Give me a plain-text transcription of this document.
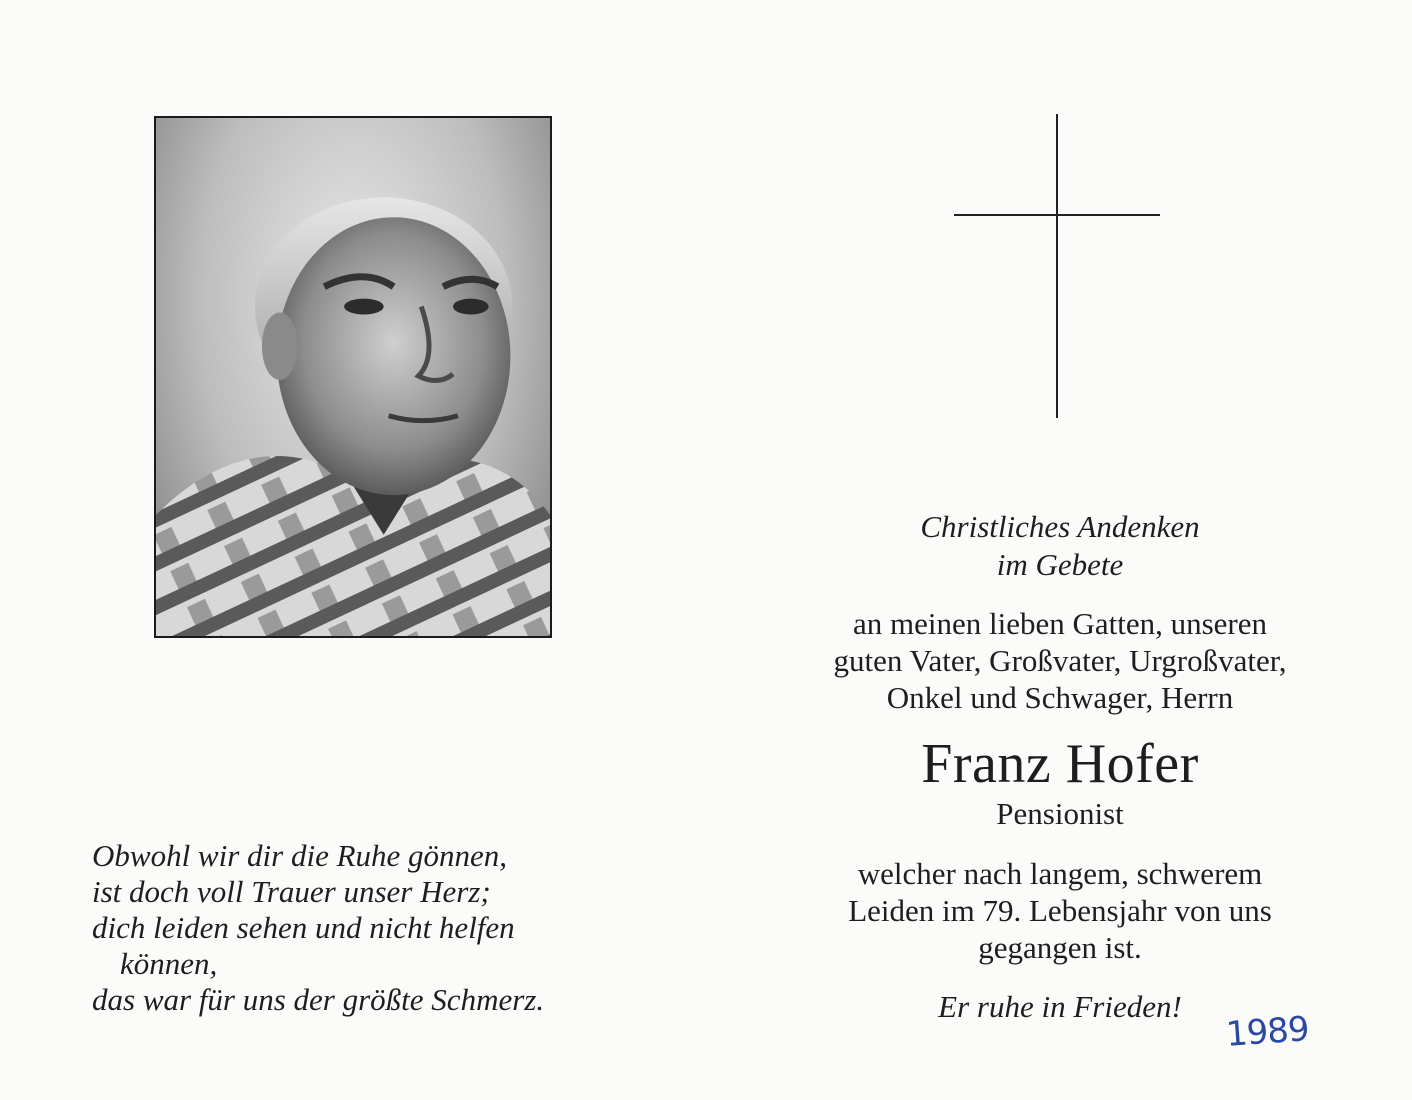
Christliches Andenken
im Gebete
an meinen lieben Gatten, unseren
guten Vater, Großvater, Urgroßvater,
Onkel und Schwager, Herrn
Franz Hofer
Pensionist
welcher nach langem, schwerem
Leiden im 79. Lebensjahr von uns
gegangen ist.
Er ruhe in Frieden!
Obwohl wir dir die Ruhe gönnen,
ist doch voll Trauer unser Herz;
dich leiden sehen und nicht helfen
können,
das war für uns der größte Schmerz.
1989
